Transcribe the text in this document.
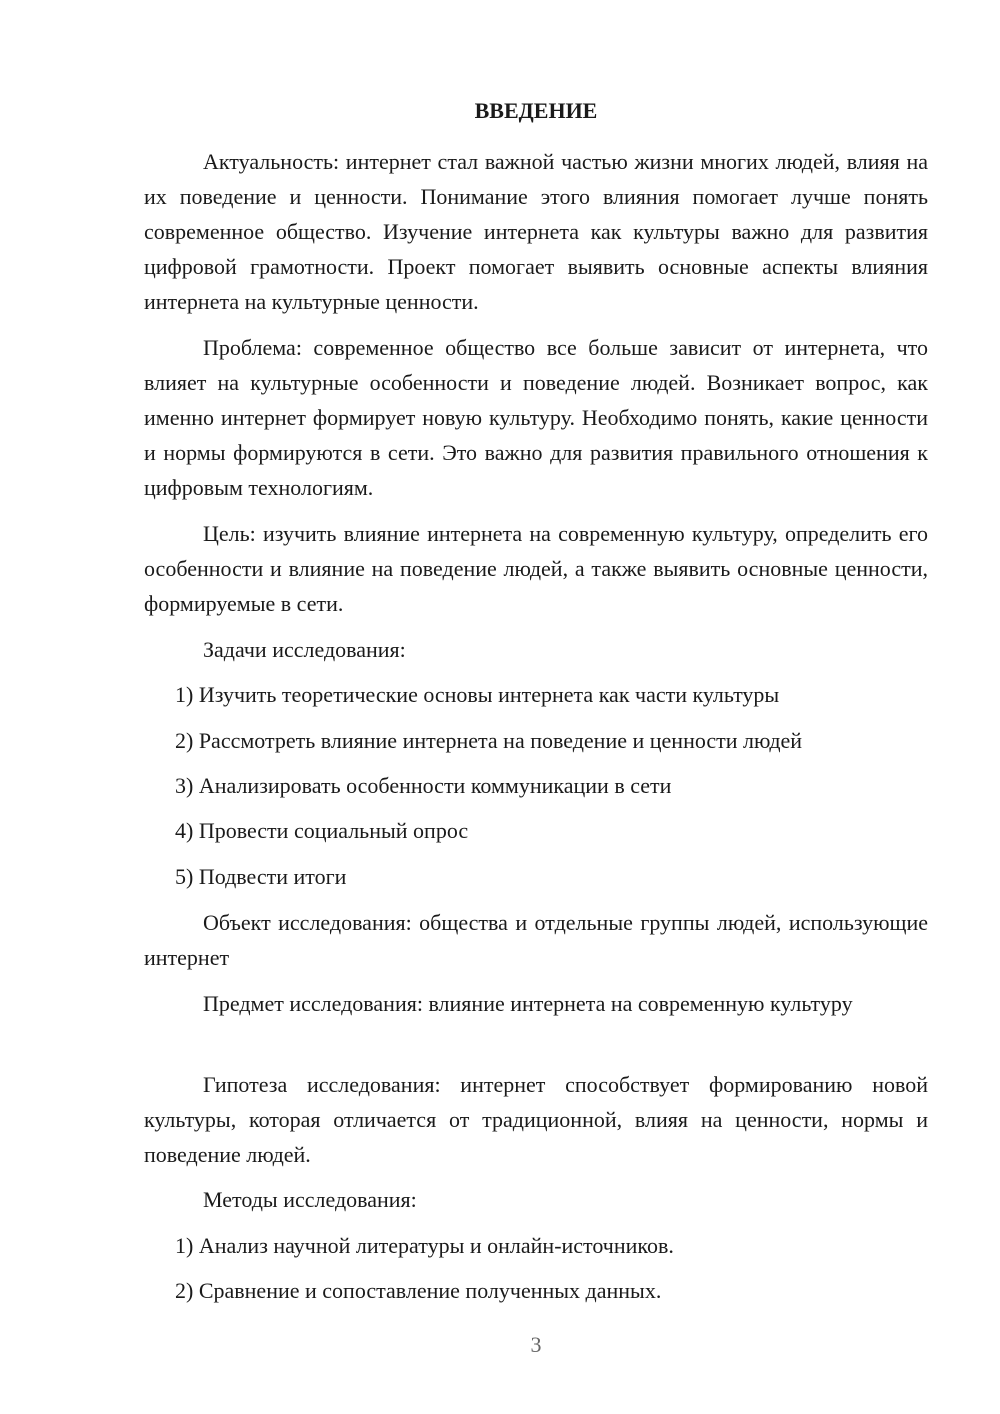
ВВЕДЕНИЕ

Актуальность: интернет стал важной частью жизни многих людей, влияя на их поведение и ценности. Понимание этого влияния помогает лучше понять современное общество. Изучение интернета как культуры важно для развития цифровой грамотности. Проект помогает выявить основные аспекты влияния интернета на культурные ценности.

Проблема: современное общество все больше зависит от интернета, что влияет на культурные особенности и поведение людей. Возникает вопрос, как именно интернет формирует новую культуру. Необходимо понять, какие ценности и нормы формируются в сети. Это важно для развития правильного отношения к цифровым технологиям.

Цель: изучить влияние интернета на современную культуру, определить его особенности и влияние на поведение людей, а также выявить основные ценности, формируемые в сети.

Задачи исследования:

1) Изучить теоретические основы интернета как части культуры
2) Рассмотреть влияние интернета на поведение и ценности людей
3) Анализировать особенности коммуникации в сети
4) Провести социальный опрос
5) Подвести итоги

Объект исследования: общества и отдельные группы людей, использующие интернет

Предмет исследования: влияние интернета на современную культуру

Гипотеза исследования: интернет способствует формированию новой культуры, которая отличается от традиционной, влияя на ценности, нормы и поведение людей.

Методы исследования:

1) Анализ научной литературы и онлайн-источников.
2) Сравнение и сопоставление полученных данных.
3
